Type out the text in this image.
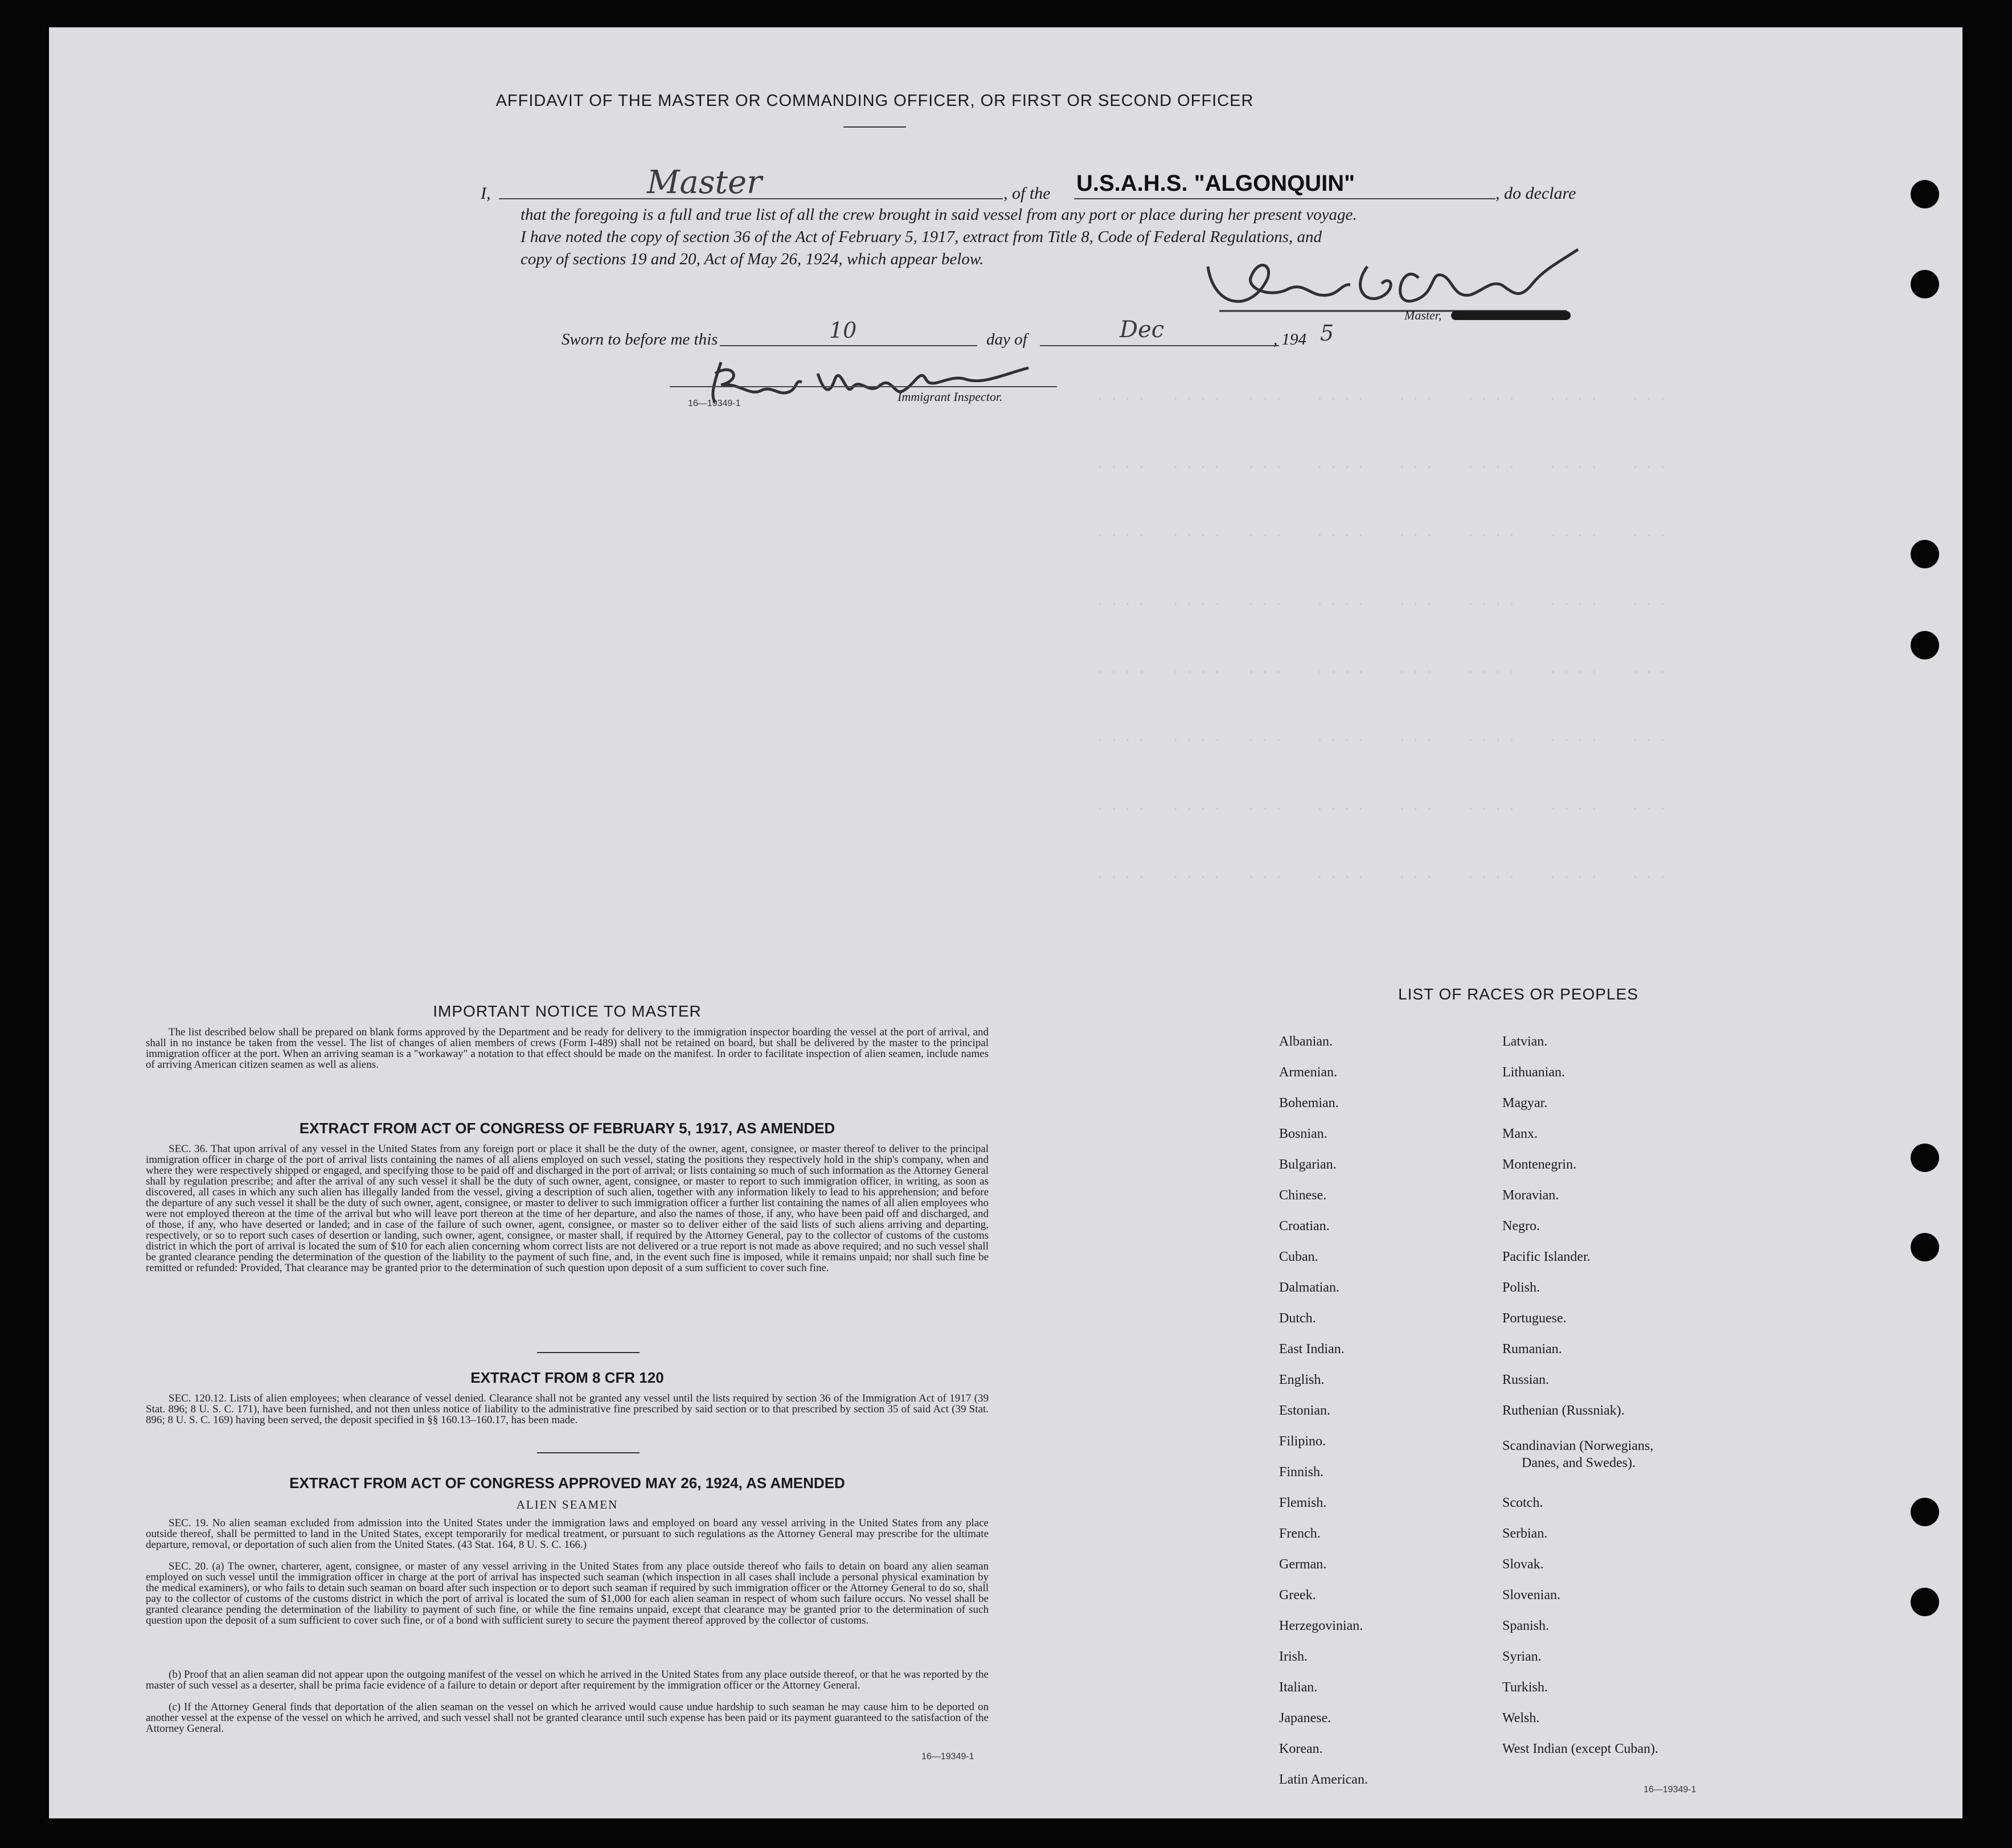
· · · ·    · · · ·    · · ·     · · · ·     · · ·     · · · ·     · · · ·     · · ·
· · · ·    · · · ·    · · ·     · · · ·     · · ·     · · · ·     · · · ·     · · ·
· · · ·    · · · ·    · · ·     · · · ·     · · ·     · · · ·     · · · ·     · · ·
· · · ·    · · · ·    · · ·     · · · ·     · · ·     · · · ·     · · · ·     · · ·
· · · ·    · · · ·    · · ·     · · · ·     · · ·     · · · ·     · · · ·     · · ·
· · · ·    · · · ·    · · ·     · · · ·     · · ·     · · · ·     · · · ·     · · ·
· · · ·    · · · ·    · · ·     · · · ·     · · ·     · · · ·     · · · ·     · · ·
· · · ·    · · · ·    · · ·     · · · ·     · · ·     · · · ·     · · · ·     · · ·
AFFIDAVIT OF THE MASTER OR COMMANDING OFFICER, OR FIRST OR SECOND OFFICER
I,	Master	, of the U.S.A.H.S. "ALGONQUIN"	, do declare
that the foregoing is a full and true list of all the crew brought in said vessel from any port or place during her present voyage.
I have noted the copy of section 36 of the Act of February 5, 1917, extract from Title 8, Code of Federal Regulations, and
copy of sections 19 and 20, Act of May 26, 1924, which appear below.
Master,
Sworn to before me this	10	day of	Dec	, 194 5
16—19349-1	Immigrant Inspector.
IMPORTANT NOTICE TO MASTER
The list described below shall be prepared on blank forms approved by the Department and be ready for delivery to the immigration inspector boarding the vessel at the port of arrival, and shall in no instance be taken from the vessel. The list of changes of alien members of crews (Form I-489) shall not be retained on board, but shall be delivered by the master to the principal immigration officer at the port. When an arriving seaman is a "workaway" a notation to that effect should be made on the manifest. In order to facilitate inspection of alien seamen, include names of arriving American citizen seamen as well as aliens.
EXTRACT FROM ACT OF CONGRESS OF FEBRUARY 5, 1917, AS AMENDED
SEC. 36. That upon arrival of any vessel in the United States from any foreign port or place it shall be the duty of the owner, agent, consignee, or master thereof to deliver to the principal immigration officer in charge of the port of arrival lists containing the names of all aliens employed on such vessel, stating the positions they respectively hold in the ship's company, when and where they were respectively shipped or engaged, and specifying those to be paid off and discharged in the port of arrival; or lists containing so much of such information as the Attorney General shall by regulation prescribe; and after the arrival of any such vessel it shall be the duty of such owner, agent, consignee, or master to report to such immigration officer, in writing, as soon as discovered, all cases in which any such alien has illegally landed from the vessel, giving a description of such alien, together with any information likely to lead to his apprehension; and before the departure of any such vessel it shall be the duty of such owner, agent, consignee, or master to deliver to such immigration officer a further list containing the names of all alien employees who were not employed thereon at the time of the arrival but who will leave port thereon at the time of her departure, and also the names of those, if any, who have been paid off and discharged, and of those, if any, who have deserted or landed; and in case of the failure of such owner, agent, consignee, or master so to deliver either of the said lists of such aliens arriving and departing, respectively, or so to report such cases of desertion or landing, such owner, agent, consignee, or master shall, if required by the Attorney General, pay to the collector of customs of the customs district in which the port of arrival is located the sum of $10 for each alien concerning whom correct lists are not delivered or a true report is not made as above required; and no such vessel shall be granted clearance pending the determination of the question of the liability to the payment of such fine, and, in the event such fine is imposed, while it remains unpaid; nor shall such fine be remitted or refunded: Provided, That clearance may be granted prior to the determination of such question upon deposit of a sum sufficient to cover such fine.
EXTRACT FROM 8 CFR 120
SEC. 120.12. Lists of alien employees; when clearance of vessel denied. Clearance shall not be granted any vessel until the lists required by section 36 of the Immigration Act of 1917 (39 Stat. 896; 8 U. S. C. 171), have been furnished, and not then unless notice of liability to the administrative fine prescribed by said section or to that prescribed by section 35 of said Act (39 Stat. 896; 8 U. S. C. 169) having been served, the deposit specified in §§ 160.13–160.17, has been made.
EXTRACT FROM ACT OF CONGRESS APPROVED MAY 26, 1924, AS AMENDED
ALIEN SEAMEN
SEC. 19. No alien seaman excluded from admission into the United States under the immigration laws and employed on board any vessel arriving in the United States from any place outside thereof, shall be permitted to land in the United States, except temporarily for medical treatment, or pursuant to such regulations as the Attorney General may prescribe for the ultimate departure, removal, or deportation of such alien from the United States. (43 Stat. 164, 8 U. S. C. 166.)
SEC. 20. (a) The owner, charterer, agent, consignee, or master of any vessel arriving in the United States from any place outside thereof who fails to detain on board any alien seaman employed on such vessel until the immigration officer in charge at the port of arrival has inspected such seaman (which inspection in all cases shall include a personal physical examination by the medical examiners), or who fails to detain such seaman on board after such inspection or to deport such seaman if required by such immigration officer or the Attorney General to do so, shall pay to the collector of customs of the customs district in which the port of arrival is located the sum of $1,000 for each alien seaman in respect of whom such failure occurs. No vessel shall be granted clearance pending the determination of the liability to payment of such fine, or while the fine remains unpaid, except that clearance may be granted prior to the determination of such question upon the deposit of a sum sufficient to cover such fine, or of a bond with sufficient surety to secure the payment thereof approved by the collector of customs.
(b) Proof that an alien seaman did not appear upon the outgoing manifest of the vessel on which he arrived in the United States from any place outside thereof, or that he was reported by the master of such vessel as a deserter, shall be prima facie evidence of a failure to detain or deport after requirement by the immigration officer or the Attorney General.
(c) If the Attorney General finds that deportation of the alien seaman on the vessel on which he arrived would cause undue hardship to such seaman he may cause him to be deported on another vessel at the expense of the vessel on which he arrived, and such vessel shall not be granted clearance until such expense has been paid or its payment guaranteed to the satisfaction of the Attorney General.
16—19349-1
LIST OF RACES OR PEOPLES
Albanian.
Armenian.
Bohemian.
Bosnian.
Bulgarian.
Chinese.
Croatian.
Cuban.
Dalmatian.
Dutch.
East Indian.
English.
Estonian.
Filipino.
Finnish.
Flemish.
French.
German.
Greek.
Herzegovinian.
Irish.
Italian.
Japanese.
Korean.
Latin American.
Latvian.
Lithuanian.
Magyar.
Manx.
Montenegrin.
Moravian.
Negro.
Pacific Islander.
Polish.
Portuguese.
Rumanian.
Russian.
Ruthenian (Russniak).
Scandinavian (Norwegians,
Danes, and Swedes).
Scotch.
Serbian.
Slovak.
Slovenian.
Spanish.
Syrian.
Turkish.
Welsh.
West Indian (except Cuban).
16—19349-1
